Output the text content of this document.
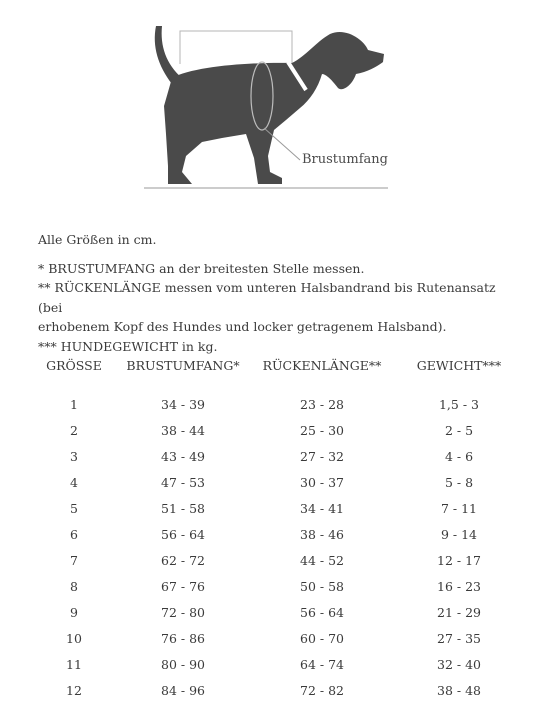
Brustumfang

Alle Größen in cm.

* BRUSTUMFANG an der breitesten Stelle messen.

** RÜCKENLÄNGE messen vom unteren Halsbandrand bis Rutenansatz (bei

erhobenem Kopf des Hundes und locker getragenem Halsband).

*** HUNDEGEWICHT in kg.

GRÖSSE	BRUSTUMFANG*	RÜCKENLÄNGE**	GEWICHT***

1	34 - 39	23 - 28	1,5 - 3
2	38 - 44	25 - 30	2 - 5
3	43 - 49	27 - 32	4 - 6
4	47 - 53	30 - 37	5 - 8
5	51 - 58	34 - 41	7 - 11
6	56 - 64	38 - 46	9 - 14
7	62 - 72	44 - 52	12 - 17
8	67 - 76	50 - 58	16 - 23
9	72 - 80	56 - 64	21 - 29
10	76 - 86	60 - 70	27 - 35
11	80 - 90	64 - 74	32 - 40
12	84 - 96	72 - 82	38 - 48
